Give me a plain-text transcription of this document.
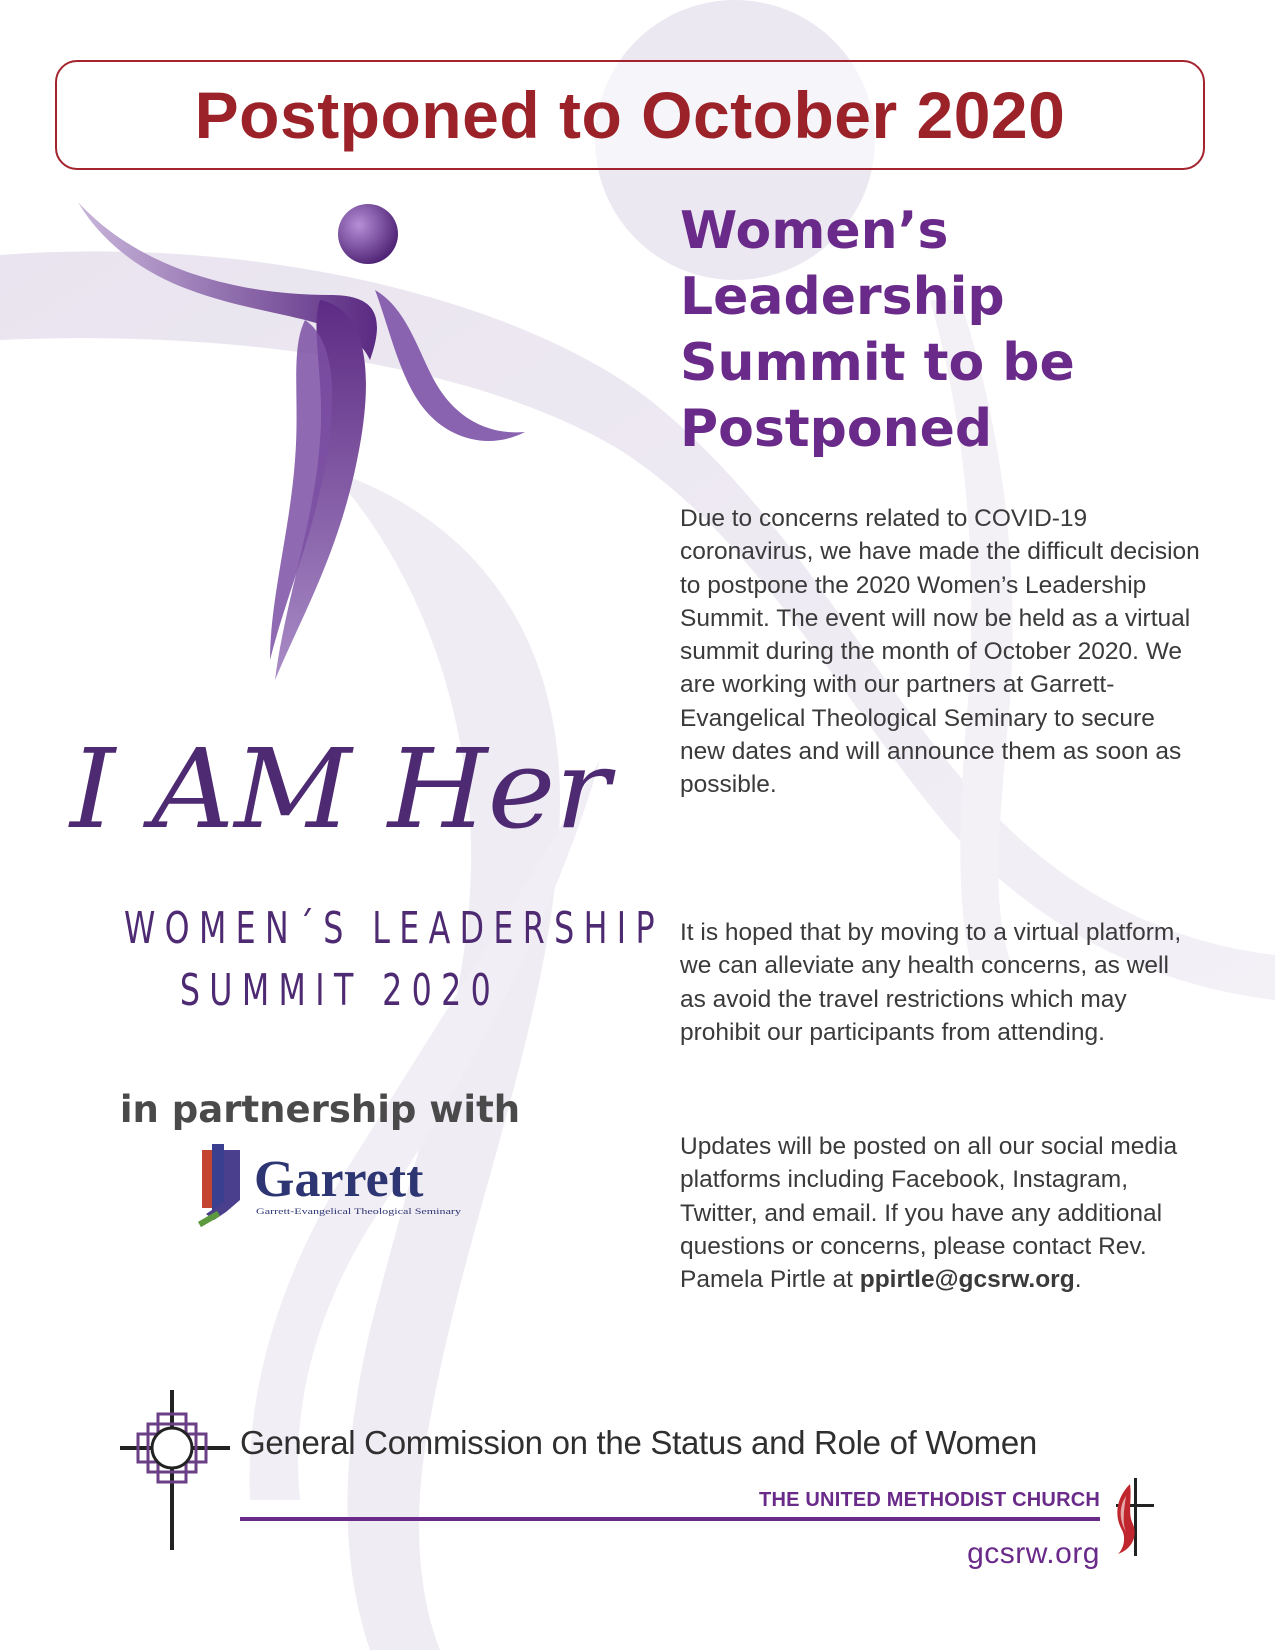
Postponed to October 2020
I AM Her
WOMEN´S LEADERSHIP
SUMMIT 2020
in partnership with
Garrett
Garrett-Evangelical Theological Seminary
Women’s Leadership Summit to be Postponed

Due to concerns related to COVID-19 coronavirus, we have made the difficult decision to postpone the 2020 Women’s Leadership Summit. The event will now be held as a virtual summit during the month of October 2020. We are working with our partners at Garrett-Evangelical Theological Seminary to secure new dates and will announce them as soon as possible.

It is hoped that by moving to a virtual platform, we can alleviate any health concerns, as well as avoid the travel restrictions which may prohibit our participants from attending.

Updates will be posted on all our social media platforms including Facebook, Instagram, Twitter, and email. If you have any additional questions or concerns, please contact Rev. Pamela Pirtle at ppirtle@gcsrw.org.

General Commission on the Status and Role of Women
THE UNITED METHODIST CHURCH
gcsrw.org
